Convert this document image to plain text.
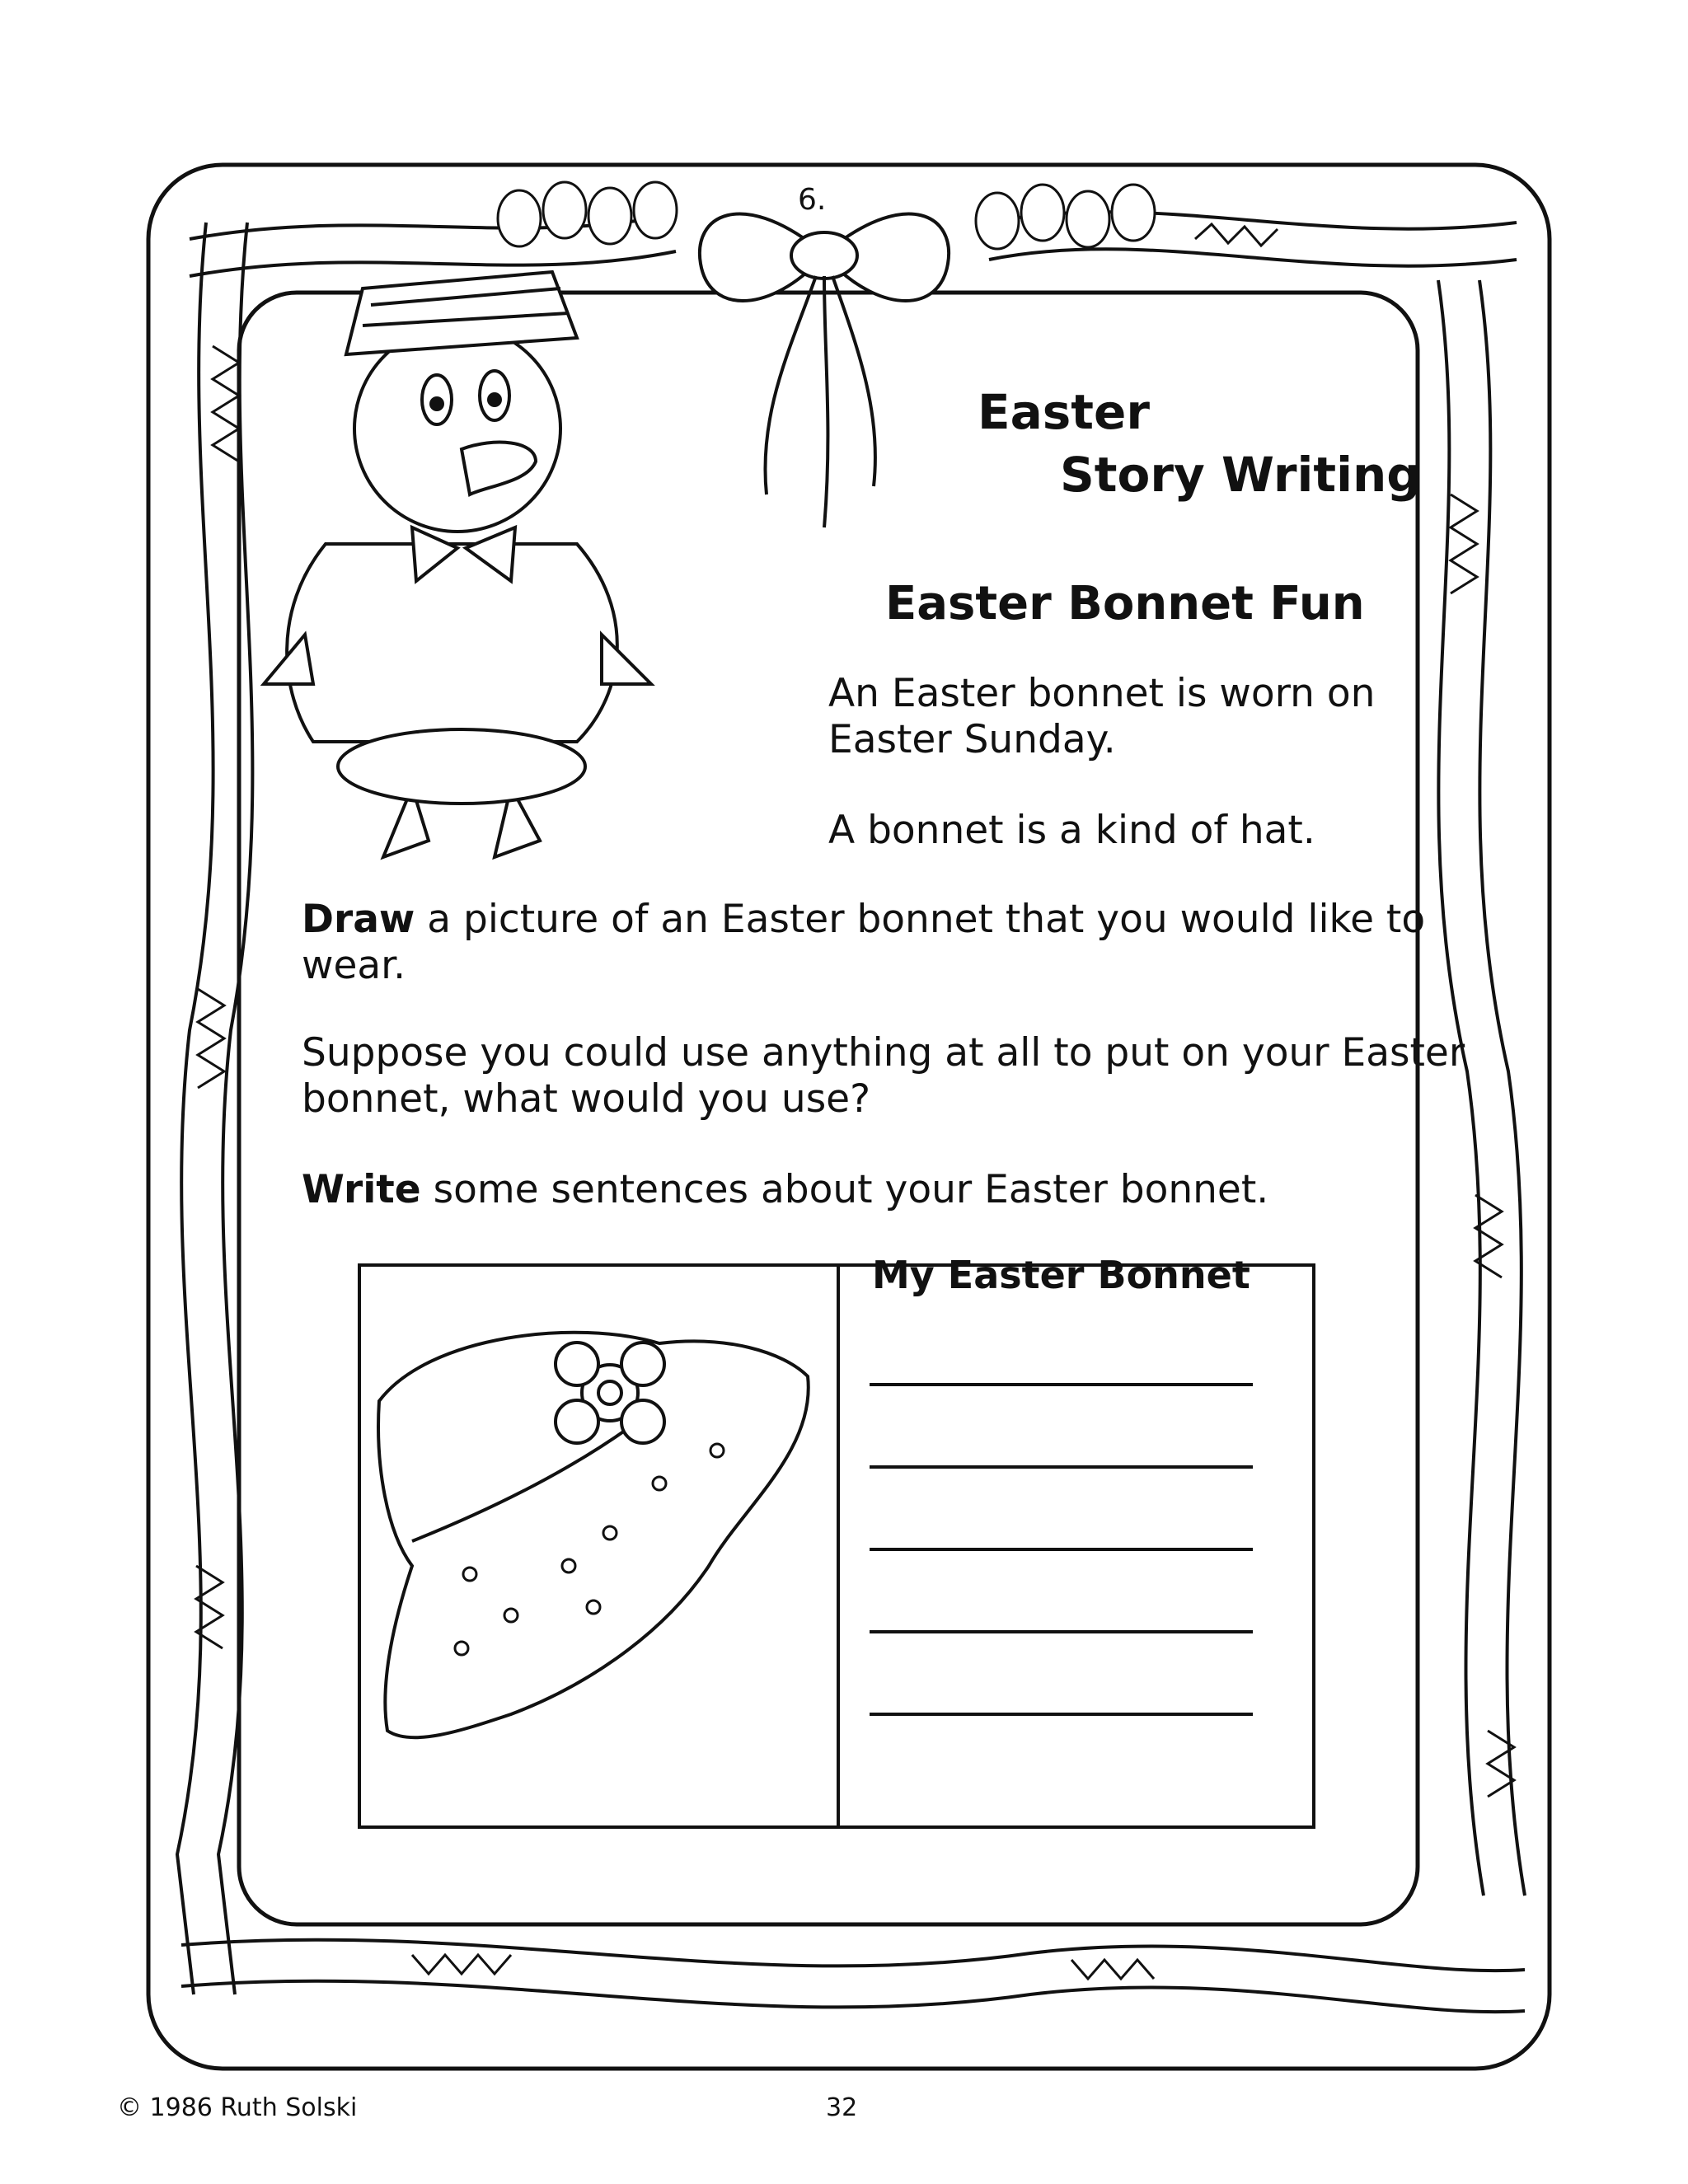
6.
Easter
Story Writing
Easter Bonnet Fun
An Easter bonnet is worn on Easter Sunday.
A bonnet is a kind of hat.
Draw a picture of an Easter bonnet that you would like to wear.
Suppose you could use anything at all to put on your Easter bonnet, what would you use?
Write some sentences about your Easter bonnet.
My Easter Bonnet
© 1986 Ruth Solski	32
